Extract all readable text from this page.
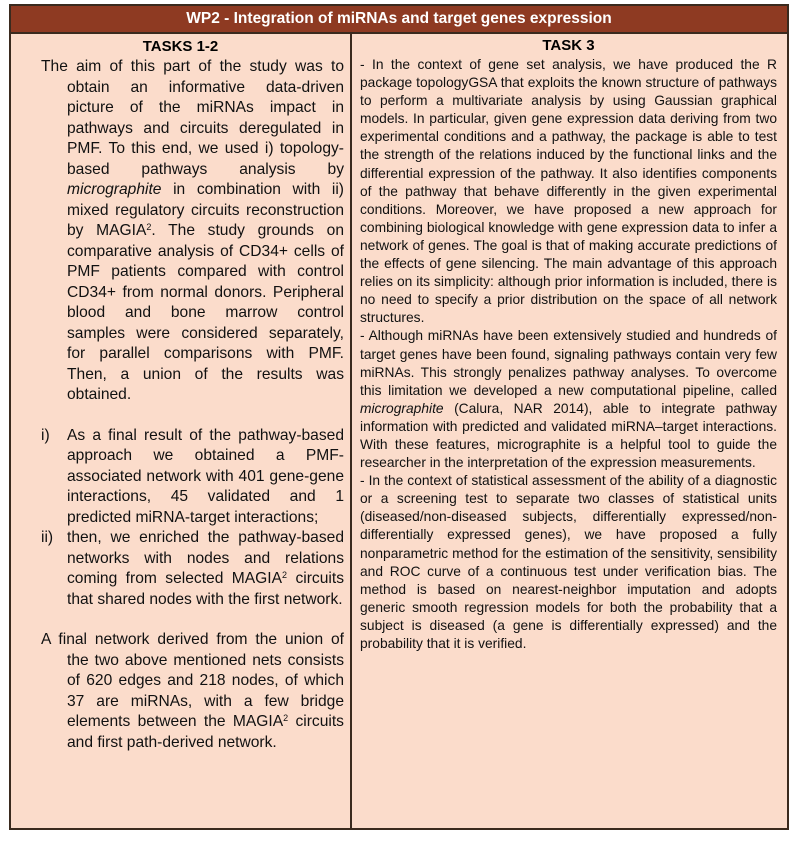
WP2 - Integration of miRNAs and target genes expression
TASKS 1-2

The aim of this part of the study was to obtain an informative data-driven picture of the miRNAs impact in pathways and circuits deregulated in PMF. To this end, we used i) topology-based pathways analysis by micrographite in combination with ii) mixed regulatory circuits reconstruction by MAGIA$^2$. The study grounds on comparative analysis of CD34+ cells of PMF patients compared with control CD34+ from normal donors. Peripheral blood and bone marrow control samples were considered separately, for parallel comparisons with PMF. Then, a union of the results was obtained.

i)	As a final result of the pathway-based approach we obtained a PMF-associated network with 401 gene-gene interactions, 45 validated and 1 predicted miRNA-target interactions;

ii) then, we enriched the pathway-based networks with nodes and relations coming from selected MAGIA$^2$ circuits that shared nodes with the first network.

A final network derived from the union of the two above mentioned nets consists of 620 edges and 218 nodes, of which 37 are miRNAs, with a few bridge elements between the MAGIA$^2$ circuits and first path-derived network.

TASK 3

- In the context of gene set analysis, we have produced the R package topologyGSA that exploits the known structure of pathways to perform a multivariate analysis by using Gaussian graphical models. In particular, given gene expression data deriving from two experimental conditions and a pathway, the package is able to test the strength of the relations induced by the functional links and the differential expression of the pathway. It also identifies components of the pathway that behave differently in the given experimental conditions. Moreover, we have proposed a new approach for combining biological knowledge with gene expression data to infer a network of genes. The goal is that of making accurate predictions of the effects of gene silencing. The main advantage of this approach relies on its simplicity: although prior information is included, there is no need to specify a prior distribution on the space of all network structures.

- Although miRNAs have been extensively studied and hundreds of target genes have been found, signaling pathways contain very few miRNAs. This strongly penalizes pathway analyses. To overcome this limitation we developed a new computational pipeline, called micrographite (Calura, NAR 2014), able to integrate pathway information with predicted and validated miRNA–target interactions. With these features, micrographite is a helpful tool to guide the researcher in the interpretation of the expression measurements.

- In the context of statistical assessment of the ability of a diagnostic or a screening test to separate two classes of statistical units (diseased/non-diseased subjects, differentially expressed/non-differentially expressed genes), we have proposed a fully nonparametric method for the estimation of the sensitivity, sensibility and ROC curve of a continuous test under verification bias. The method is based on nearest-neighbor imputation and adopts generic smooth regression models for both the probability that a subject is diseased (a gene is differentially expressed) and the probability that it is verified.
